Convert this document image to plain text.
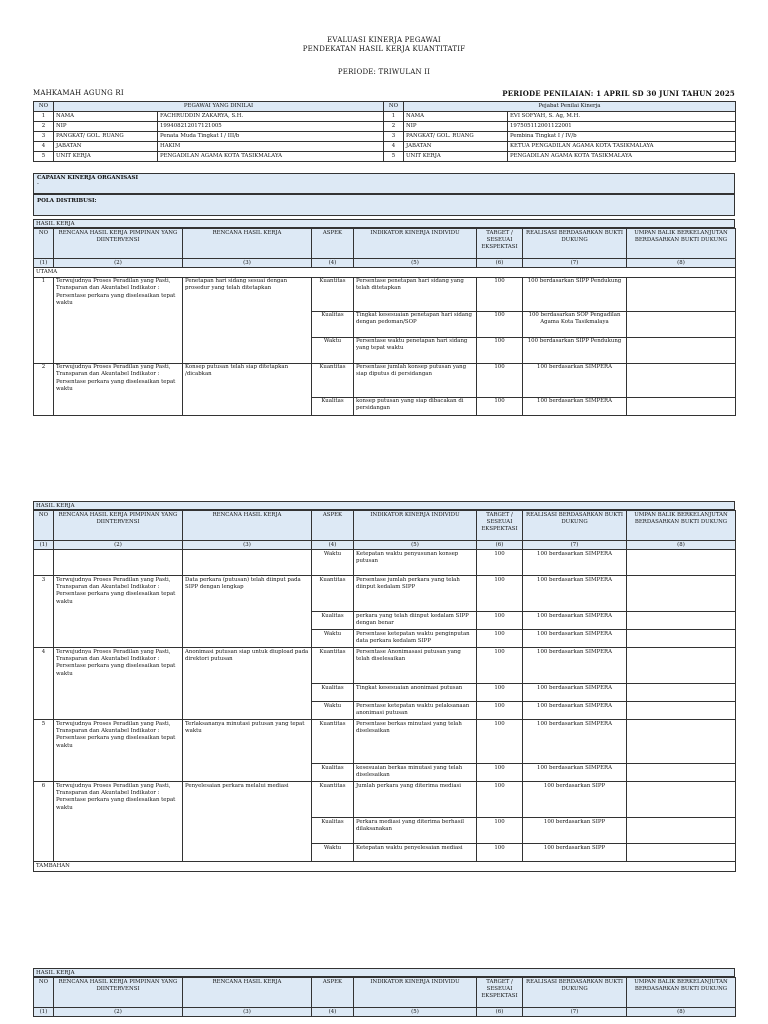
EVALUASI KINERJA PEGAWAI
PENDEKATAN HASIL KERJA KUANTITATIF
PERIODE: TRIWULAN II
MAHKAMAH AGUNG RI	PERIODE PENILAIAN: 1 APRIL SD 30 JUNI TAHUN 2025
NO	PEGAWAI YANG DINILAI		NO	Pejabat Penilai Kinerja	
1	NAMA	FACHRUDDIN ZAKARYA, S.H.	1	NAMA	EVI SOFYAH, S. Ag, M.H.
2	NIP	199408212017121005	2	NIP	197505112001122001
3	PANGKAT/ GOL. RUANG	Penata Muda Tingkat I / III/b	3	PANGKAT/ GOL. RUANG	Pembina Tingkat I / IV/b
4	JABATAN	HAKIM	4	JABATAN	KETUA PENGADILAN AGAMA KOTA TASIKMALAYA
5	UNIT KERJA	PENGADILAN AGAMA KOTA TASIKMALAYA	5	UNIT KERJA	PENGADILAN AGAMA KOTA TASIKMALAYA
CAPAIAN KINERJA ORGANISASI
-
POLA DISTRIBUSI:
HASIL KERJA
NO	RENCANA HASIL KERJA PIMPINAN YANG DIINTERVENSI	RENCANA HASIL KERJA	ASPEK	INDIKATOR KINERJA INDIVIDU	TARGET / SESEUAI EKSPEKTASI	REALISASI BERDASARKAN BUKTI DUKUNG	UMPAN BALIK BERKELANJUTAN BERDASARKAN BUKTI DUKUNG
(1)	(2)	(3)	(4)	(5)	(6)	(7)	(8)
UTAMA							
1	Terwujudnya Proses Peradilan yang Pasti, Transparan dan Akuntabel Indikator : Persentase perkara yang diselesaikan tepat waktu	Penetapan hari sidang sesuai dengan prosedur yang telah ditetapkan	Kuantitas	Persentase penetapan hari sidang yang telah ditetapkan	100	100 berdasarkan SIPP Pendukung	
			Kualitas	Tingkat kesesuaian penetapan hari sidang dengan pedoman/SOP	100	100 berdasarkan SOP Pengadilan Agama Kota Tasikmalaya	
			Waktu	Persentase waktu penetapan hari sidang yang tepat waktu	100	100 berdasarkan SIPP Pendukung	
2	Terwujudnya Proses Peradilan yang Pasti, Transparan dan Akuntabel Indikator : Persentase perkara yang diselesaikan tepat waktu	Konsep putusan telah siap ditetapkan /dicabkan	Kuantitas	Persentase jumlah konsep putusan yang siap diputus di persidangan	100	100 berdasarkan SIMPERA	
			Kualitas	konsep putusan yang siap dibacakan di persidangan	100	100 berdasarkan SIMPERA	
HASIL KERJA
NO	RENCANA HASIL KERJA PIMPINAN YANG DIINTERVENSI	RENCANA HASIL KERJA	ASPEK	INDIKATOR KINERJA INDIVIDU	TARGET / SESEUAI EKSPEKTASI	REALISASI BERDASARKAN BUKTI DUKUNG	UMPAN BALIK BERKELANJUTAN BERDASARKAN BUKTI DUKUNG
(1)	(2)	(3)	(4)	(5)	(6)	(7)	(8)
			Waktu	Ketepatan waktu penyusunan konsep putusan	100	100 berdasarkan SIMPERA	
3	Terwujudnya Proses Peradilan yang Pasti, Transparan dan Akuntabel Indikator : Persentase perkara yang diselesaikan tepat waktu	Data perkara (putusan) telah diinput pada SIPP dengan lengkap	Kuantitas	Persentase jumlah perkara yang telah diinput kedalam SIPP	100	100 berdasarkan SIMPERA	
			Kualitas	perkara yang telah diinput kedalam SIPP dengan benar	100	100 berdasarkan SIMPERA	
			Waktu	Persentase ketepatan waktu penginputan data perkara kedalam SIPP	100	100 berdasarkan SIMPERA	
4	Terwujudnya Proses Peradilan yang Pasti, Transparan dan Akuntabel Indikator : Persentase perkara yang diselesaikan tepat waktu	Anonimasi putusan siap untuk diupload pada direktori putusan	Kuantitas	Persentase Anonimasasi putusan yang telah diselesaikan	100	100 berdasarkan SIMPERA	
			Kualitas	Tingkat kesesuaian anonimasi putusan	100	100 berdasarkan SIMPERA	
			Waktu	Persentase ketepatan waktu pelaksanaan anonimasi putusan	100	100 berdasarkan SIMPERA	
5	Terwujudnya Proses Peradilan yang Pasti, Transparan dan Akuntabel Indikator : Persentase perkara yang diselesaikan tepat waktu	Terlaksananya minutasi putusan yang tepat waktu	Kuantitas	Persentase berkas minutasi yang telah diselesaikan	100	100 berdasarkan SIMPERA	
			Kualitas	kesesuaian berkas minutasi yang telah diselesaikan	100	100 berdasarkan SIMPERA	
6	Terwujudnya Proses Peradilan yang Pasti, Transparan dan Akuntabel Indikator : Persentase perkara yang diselesaikan tepat waktu	Penyelesaian perkara melalui mediasi	Kuantitas	Jumlah perkara yang diterima mediasi	100	100 berdasarkan SIPP	
			Kualitas	Perkara mediasi yang diterima berhasil dilaksanakan	100	100 berdasarkan SIPP	
			Waktu	Ketepatan waktu penyelesaian mediasi	100	100 berdasarkan SIPP	
TAMBAHAN							
HASIL KERJA
NO	RENCANA HASIL KERJA PIMPINAN YANG DIINTERVENSI	RENCANA HASIL KERJA	ASPEK	INDIKATOR KINERJA INDIVIDU	TARGET / SESEUAI EKSPEKTASI	REALISASI BERDASARKAN BUKTI DUKUNG	UMPAN BALIK BERKELANJUTAN BERDASARKAN BUKTI DUKUNG
(1)	(2)	(3)	(4)	(5)	(6)	(7)	(8)
